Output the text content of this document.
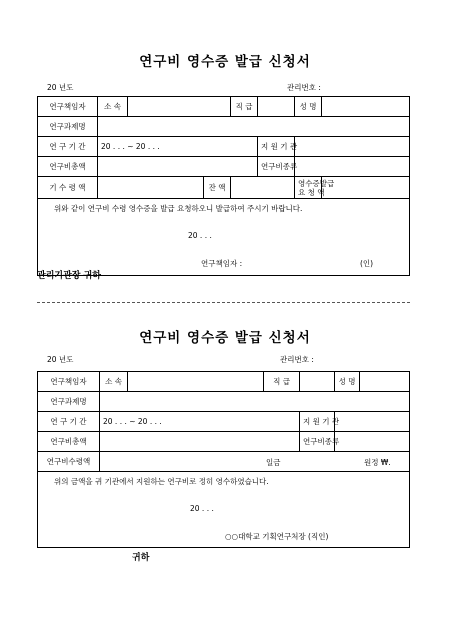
연구비 영수증 발급 신청서
20 년도	관리번호 :
연구책임자	소 속			직 급		성 명	
연구과제명							
연 구 기 간	20 . . . ~ 20 . . .				지 원 기 관		
연구비총액					연구비종류		
기 수 령 액			잔 액			영수증발급
요 청 액	

위와 같이 연구비 수령 영수증을 발급 요청하오니 발급하여 주시기 바랍니다.
20 . . .
연구책임자 : (인)							
관리기관장 귀하
연구비 영수증 발급 신청서
20 년도	관리번호 :
연구책임자	소 속		직 급		성 명	
연구과제명						
연 구 기 간	20 . . . ~ 20 . . .			지 원 기 관		
연구비총액				연구비종류		
연구비수령액	일금 원정 ₩.					

위의 금액을 귀 기관에서 지원하는 연구비로 정히 영수하였습니다.
20 . . .
○○대학교 기획연구처장 (직인)						
귀하
